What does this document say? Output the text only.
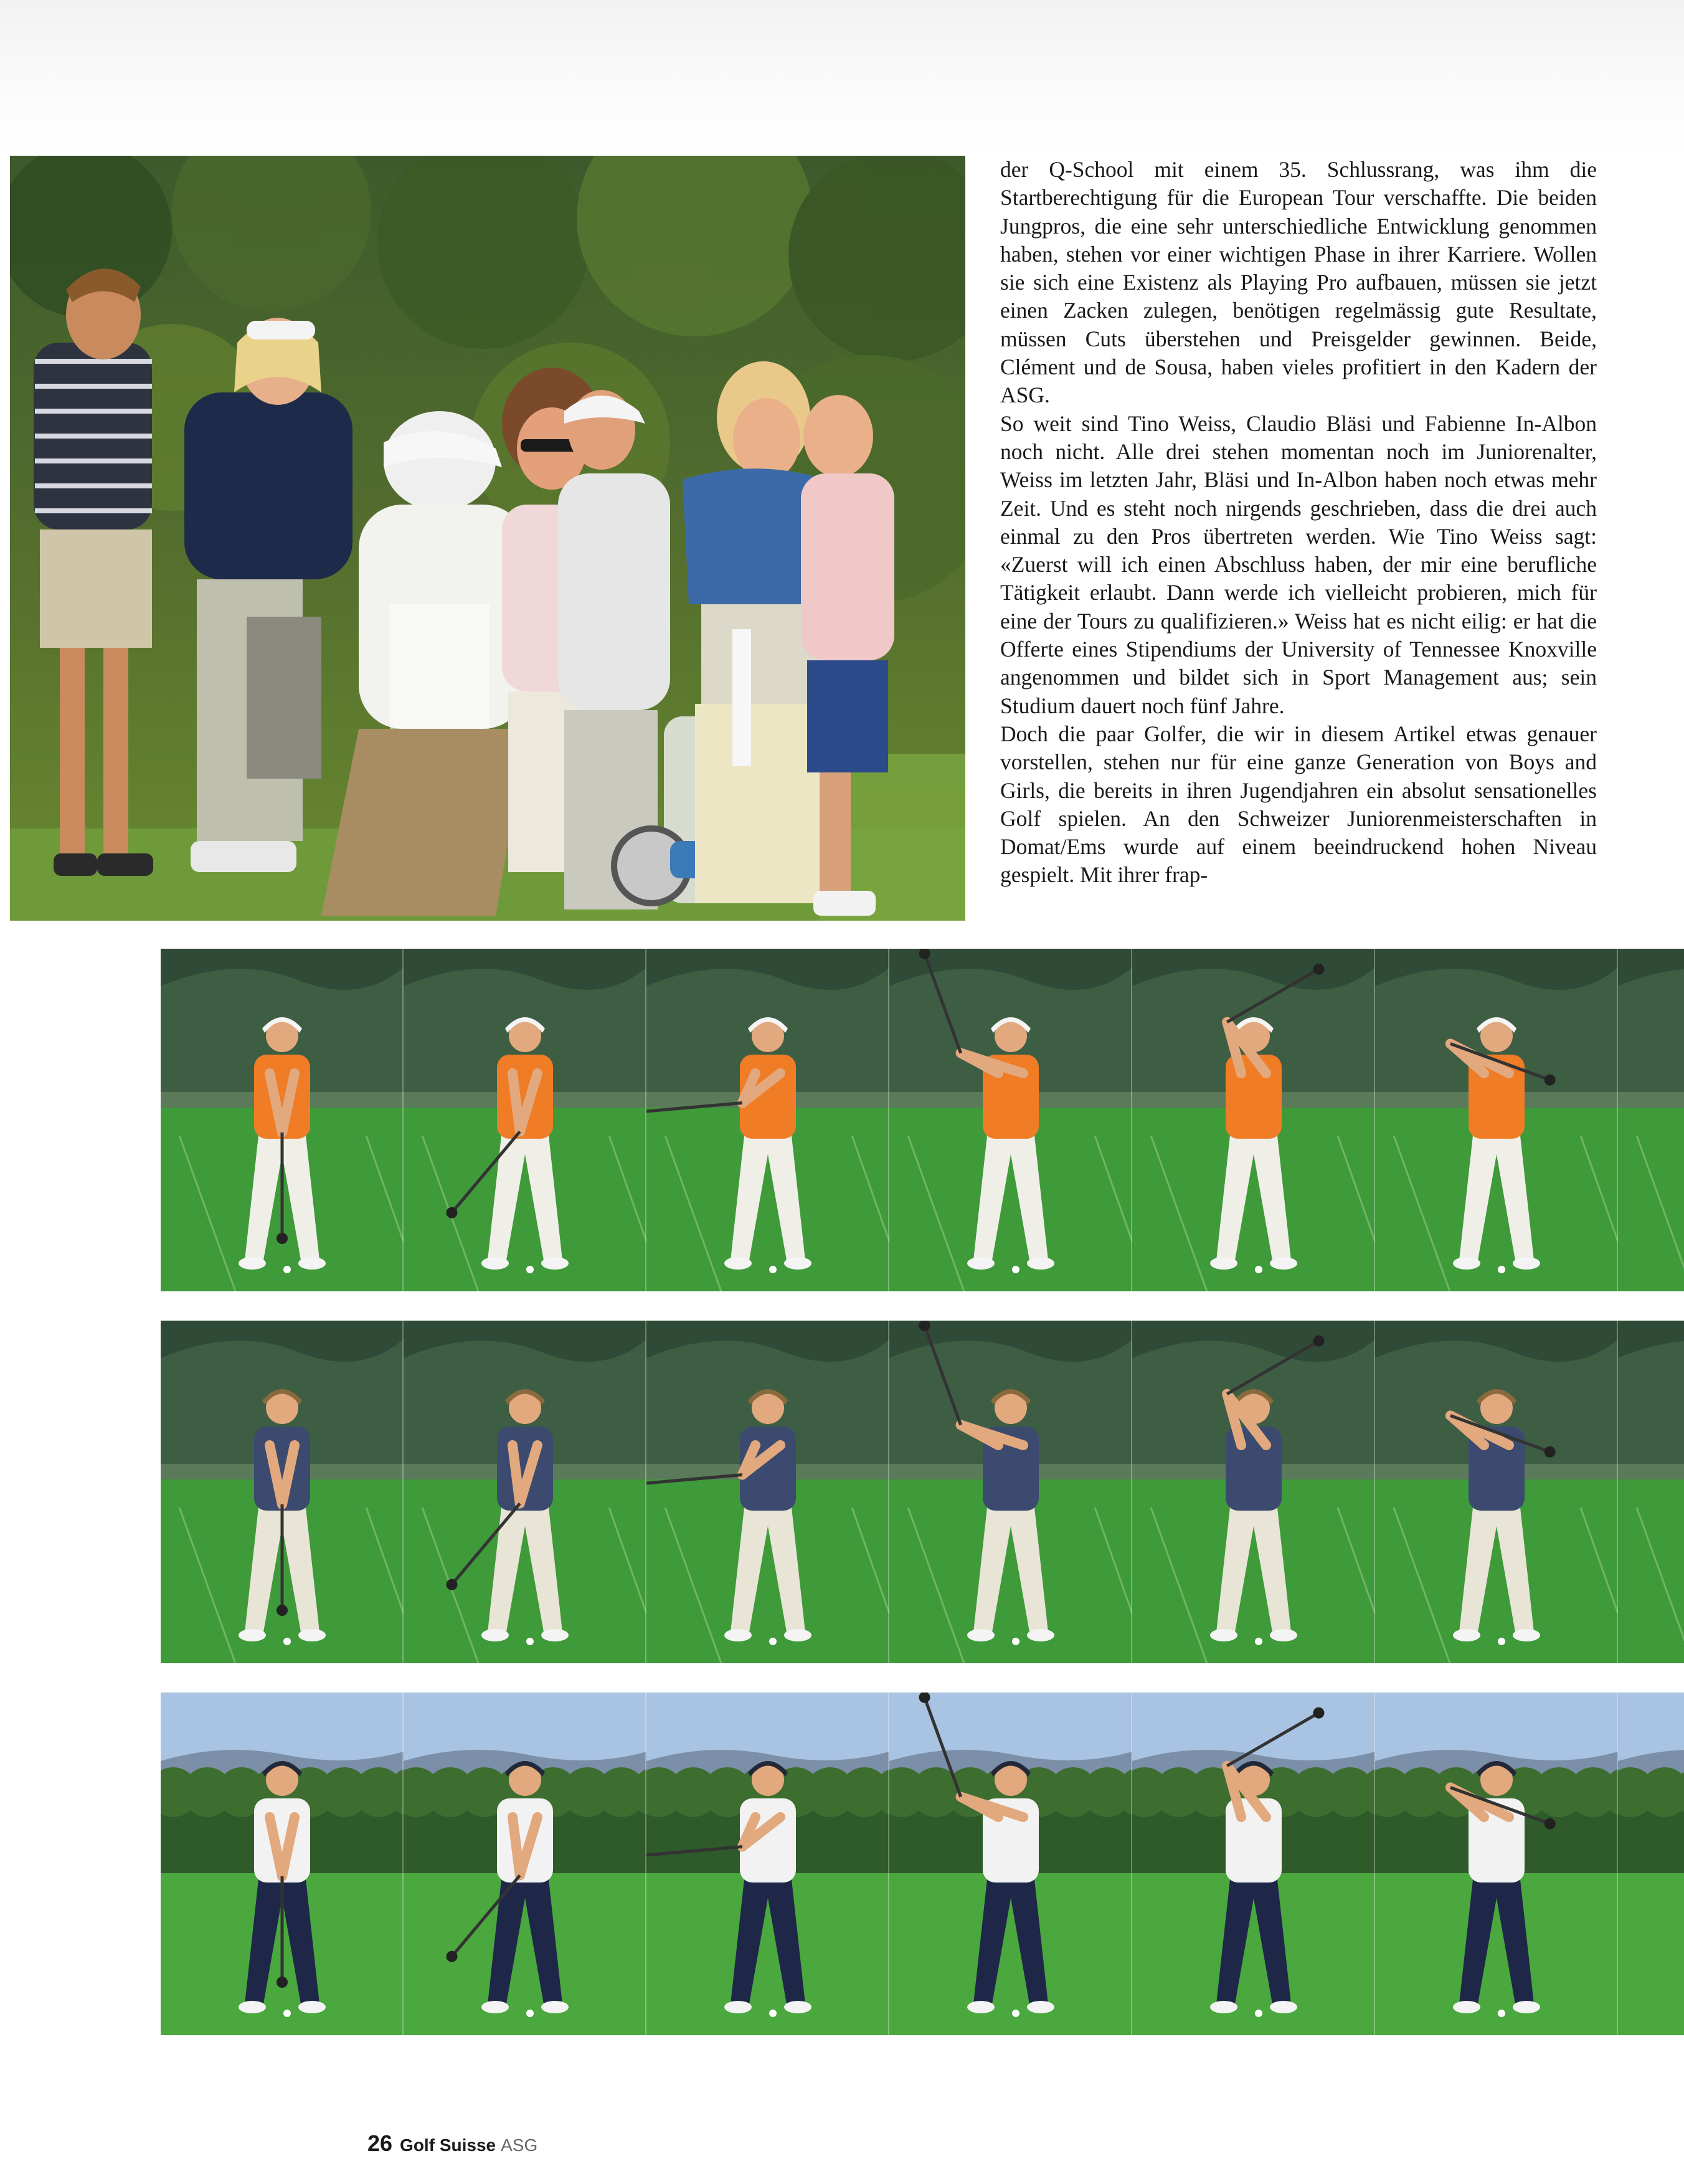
der Q-School mit einem 35. Schlussrang, was ihm die Startberechtigung für die European Tour verschaffte. Die beiden Jungpros, die eine sehr unterschiedliche Entwicklung genommen haben, stehen vor einer wichtigen Phase in ihrer Karriere. Wollen sie sich eine Existenz als Playing Pro aufbauen, müssen sie jetzt einen Zacken zulegen, benötigen regelmässig gute Resultate, müssen Cuts überstehen und Preisgelder gewinnen. Beide, Clément und de Sousa, haben vieles profitiert in den Kadern der ASG.

So weit sind Tino Weiss, Claudio Bläsi und Fabienne In-Albon noch nicht. Alle drei stehen momentan noch im Juniorenalter, Weiss im letzten Jahr, Bläsi und In-Albon haben noch etwas mehr Zeit. Und es steht noch nirgends geschrieben, dass die drei auch einmal zu den Pros übertreten werden. Wie Tino Weiss sagt: «Zuerst will ich einen Abschluss haben, der mir eine berufliche Tätigkeit erlaubt. Dann werde ich vielleicht probieren, mich für eine der Tours zu qualifizieren.» Weiss hat es nicht eilig: er hat die Offerte eines Stipendiums der University of Tennessee Knoxville angenommen und bildet sich in Sport Management aus; sein Studium dauert noch fünf Jahre.

Doch die paar Golfer, die wir in diesem Artikel etwas genauer vorstellen, stehen nur für eine ganze Generation von Boys and Girls, die bereits in ihren Jugendjahren ein absolut sensationelles Golf spielen. An den Schweizer Juniorenmeisterschaften in Domat/Ems wurde auf einem beeindruckend hohen Niveau gespielt. Mit ihrer frap-

26 Golf Suisse ASG
